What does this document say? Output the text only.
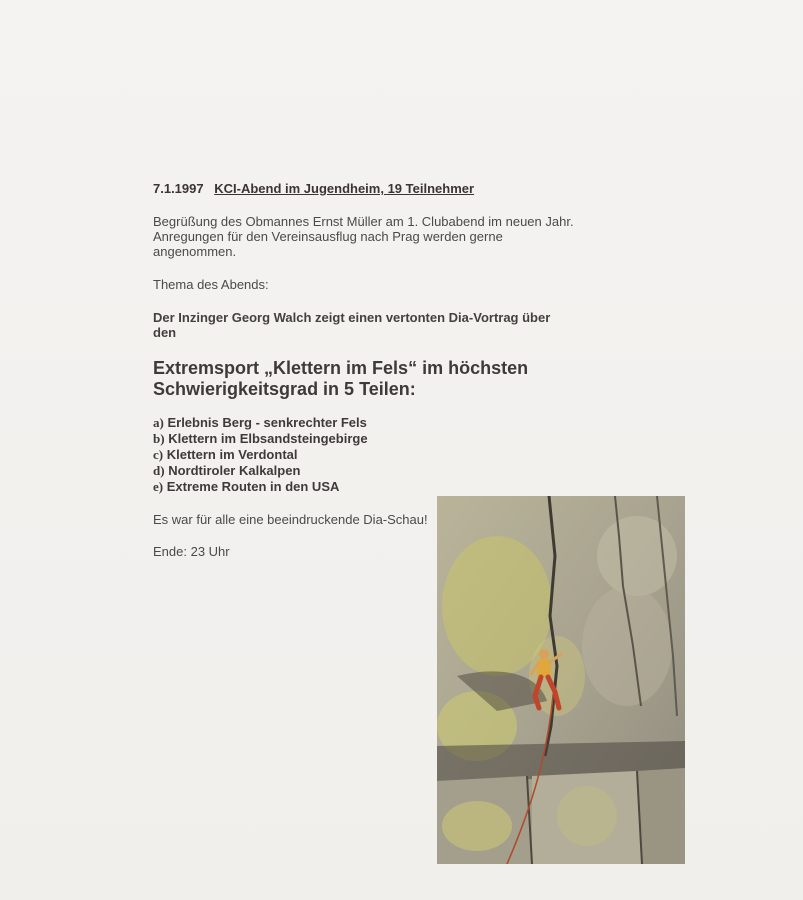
7.1.1997 KCI-Abend im Jugendheim, 19 Teilnehmer

Begrüßung des Obmannes Ernst Müller am 1. Clubabend im neuen Jahr.
Anregungen für den Vereinsausflug nach Prag werden gerne
angenommen.

Thema des Abends:

Der Inzinger Georg Walch zeigt einen vertonten Dia-Vortrag über
den

Extremsport „Klettern im Fels“ im höchsten
Schwierigkeitsgrad in 5 Teilen:

a) Erlebnis Berg - senkrechter Fels
b) Klettern im Elbsandsteingebirge
c) Klettern im Verdontal
d) Nordtiroler Kalkalpen
e) Extreme Routen in den USA

Es war für alle eine beeindruckende Dia-Schau!

Ende: 23 Uhr
